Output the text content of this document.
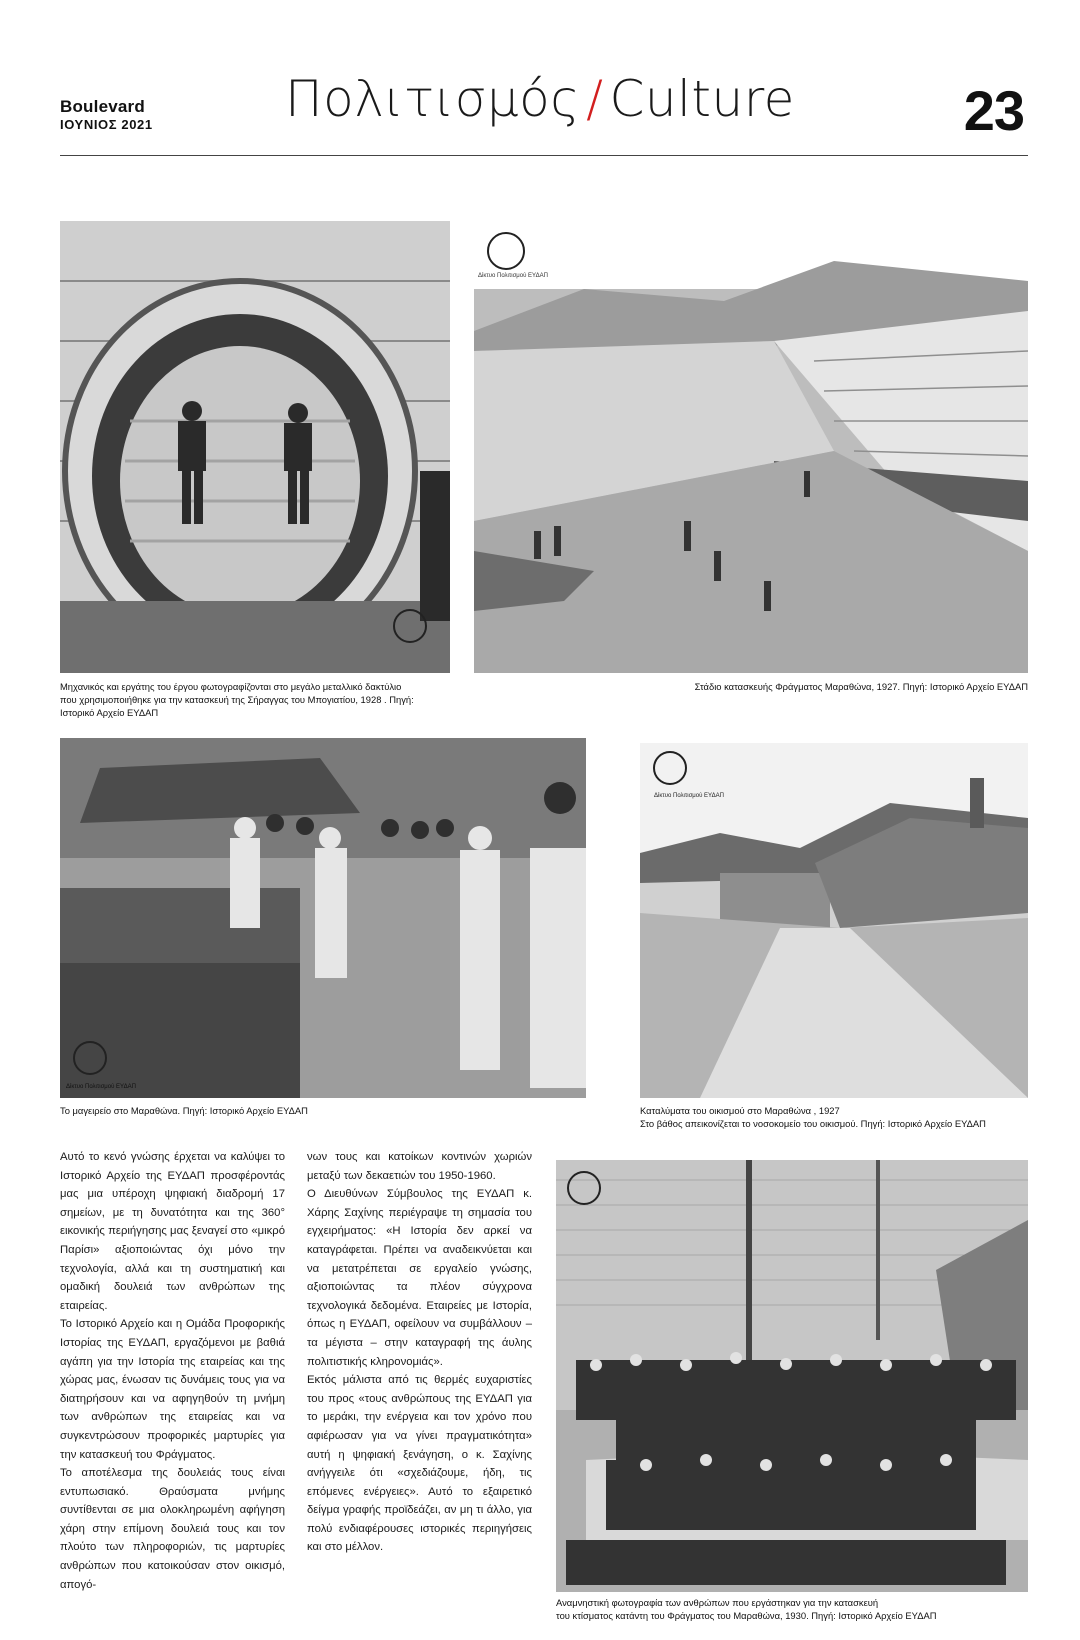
Boulevard
ΙΟΥΝΙΟΣ 2021	Πολιτισμός / Culture	23
Μηχανικός και εργάτης του έργου φωτογραφίζονται στο μεγάλο μεταλλικό δακτύλιο
που χρησιμοποιήθηκε για την κατασκευή της Σήραγγας του Μπογιατίου, 1928 . Πηγή:
Ιστορικό Αρχείο ΕΥΔΑΠ
Δίκτυο Πολιτισμού ΕΥΔΑΠ
Στάδιο κατασκευής Φράγματος Μαραθώνα, 1927. Πηγή: Ιστορικό Αρχείο ΕΥΔΑΠ
Δίκτυο Πολιτισμού ΕΥΔΑΠ
Το μαγειρείο στο Μαραθώνα. Πηγή: Ιστορικό Αρχείο ΕΥΔΑΠ
Δίκτυο Πολιτισμού ΕΥΔΑΠ
Καταλύματα του οικισμού στο Μαραθώνα , 1927
Στο βάθος απεικονίζεται το νοσοκομείο του οικισμού. Πηγή: Ιστορικό Αρχείο ΕΥΔΑΠ

Αυτό το κενό γνώσης έρχεται να καλύψει το Ιστορικό Αρχείο της ΕΥΔΑΠ προσφέροντάς μας μια υπέροχη ψηφιακή διαδρομή 17 σημείων, με τη δυνατότητα και της 360° εικονικής περιήγησης μας ξεναγεί στο «μικρό Παρίσι» αξιοποιώντας όχι μόνο την τεχνολογία, αλλά και τη συστηματική και ομαδική δουλειά των ανθρώπων της εταιρείας.

Το Ιστορικό Αρχείο και η Ομάδα Προφορικής Ιστορίας της ΕΥΔΑΠ, εργαζόμενοι με βαθιά αγάπη για την Ιστορία της εταιρείας και της χώρας μας, ένωσαν τις δυνάμεις τους για να διατηρήσουν και να αφηγηθούν τη μνήμη των ανθρώπων της εταιρείας και να συγκεντρώσουν προφορικές μαρτυρίες για την κατασκευή του Φράγματος.

Το αποτέλεσμα της δουλειάς τους είναι εντυπωσιακό. Θραύσματα μνήμης συντίθενται σε μια ολοκληρωμένη αφήγηση χάρη στην επίμονη δουλειά τους και τον πλούτο των πληροφοριών, τις μαρτυρίες ανθρώπων που κατοικούσαν στον οικισμό, απογό-

νων τους και κατοίκων κοντινών χωριών μεταξύ των δεκαετιών του 1950-1960.

Ο Διευθύνων Σύμβουλος της ΕΥΔΑΠ κ. Χάρης Σαχίνης περιέγραψε τη σημασία του εγχειρήματος: «Η Ιστορία δεν αρκεί να καταγράφεται. Πρέπει να αναδεικνύεται και να μετατρέπεται σε εργαλείο γνώσης, αξιοποιώντας τα πλέον σύγχρονα τεχνολογικά δεδομένα. Εταιρείες με Ιστορία, όπως η ΕΥΔΑΠ, οφείλουν να συμβάλλουν – τα μέγιστα – στην καταγραφή της άυλης πολιτιστικής κληρονομιάς».

Εκτός μάλιστα από τις θερμές ευχαριστίες του προς «τους ανθρώπους της ΕΥΔΑΠ για το μεράκι, την ενέργεια και τον χρόνο που αφιέρωσαν για να γίνει πραγματικότητα» αυτή η ψηφιακή ξενάγηση, ο κ. Σαχίνης ανήγγειλε ότι «σχεδιάζουμε, ήδη, τις επόμενες ενέργειες». Αυτό το εξαιρετικό δείγμα γραφής προϊδεάζει, αν μη τι άλλο, για πολύ ενδιαφέρουσες ιστορικές περιηγήσεις και στο μέλλον.

Αναμνηστική φωτογραφία των ανθρώπων που εργάστηκαν για την κατασκευή
του κτίσματος κατάντη του Φράγματος του Μαραθώνα, 1930. Πηγή: Ιστορικό Αρχείο ΕΥΔΑΠ
